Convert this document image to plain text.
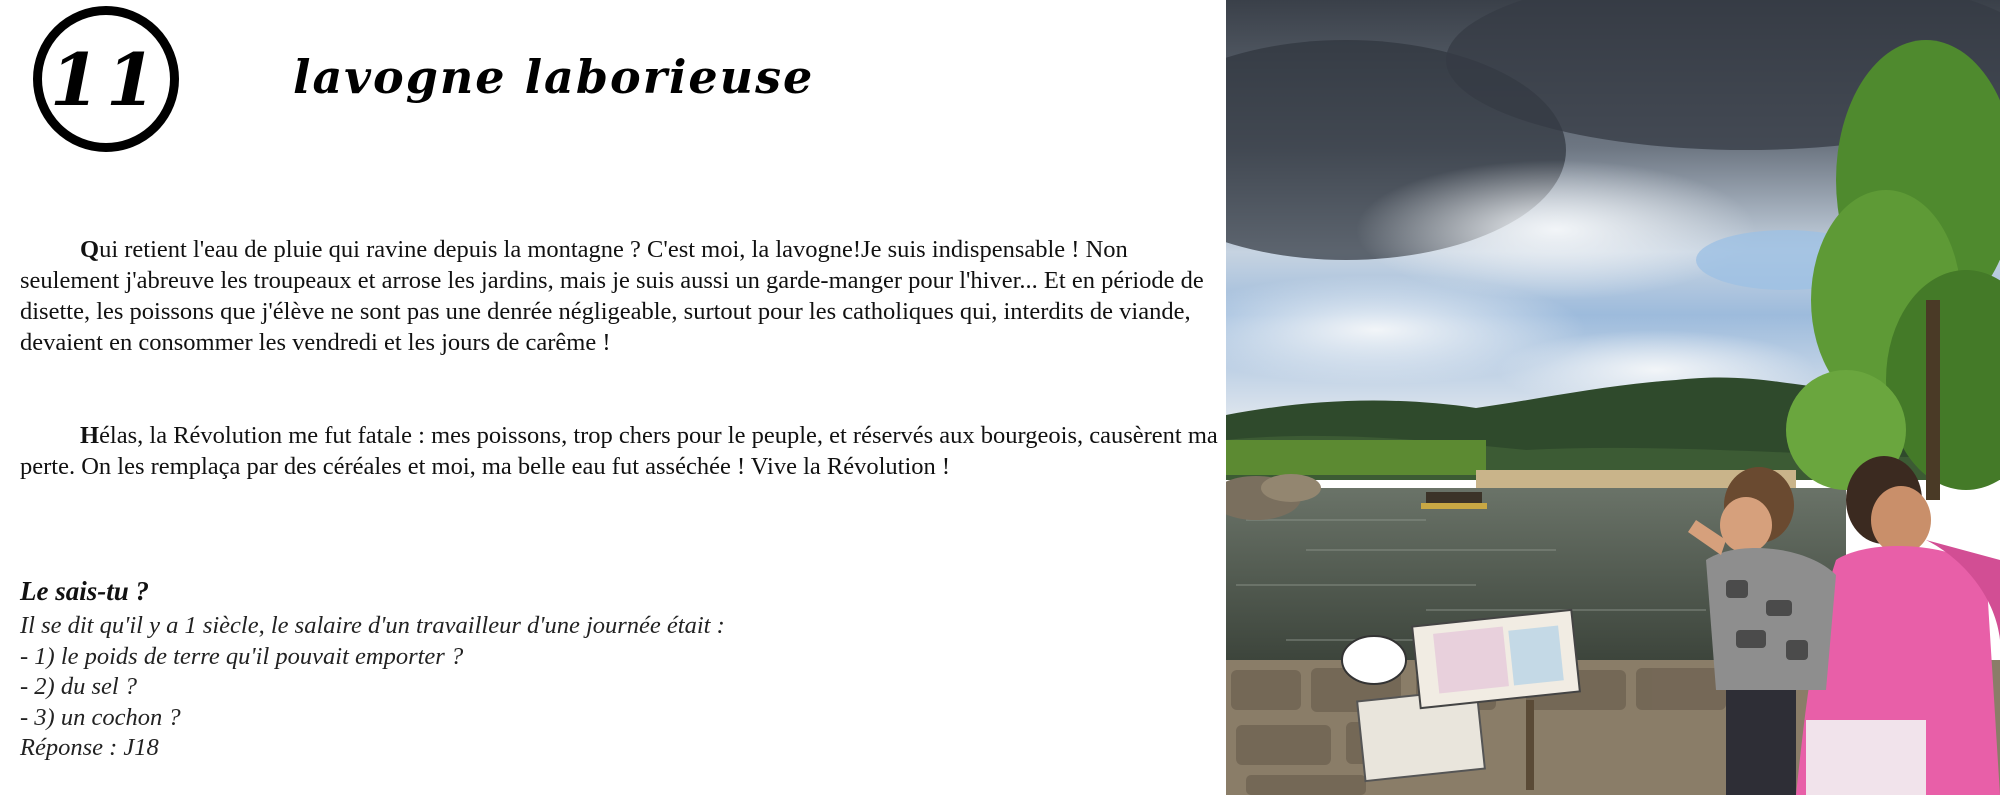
11	lavogne laborieuse

Qui retient l'eau de pluie qui ravine depuis la montagne ? C'est moi, la lavogne!Je suis indispensable ! Non seulement j'abreuve les troupeaux et arrose les jardins, mais je suis aussi un garde-manger pour l'hiver... Et en période de disette, les poissons que j'élève ne sont pas une denrée négligeable, surtout pour les catholiques qui, interdits de viande, devaient en consommer les vendredi et les jours de carême !

Hélas, la Révolution me fut fatale : mes poissons, trop chers pour le peuple, et réservés aux bourgeois, causèrent ma perte. On les remplaça par des céréales et moi, ma belle eau fut asséchée ! Vive la Révolution !

Le sais-tu ?
Il se dit qu'il y a 1 siècle, le salaire d'un travailleur d'une journée était :
- 1) le poids de terre qu'il pouvait emporter ?
- 2) du sel ?
- 3) un cochon ?
Réponse : J18
